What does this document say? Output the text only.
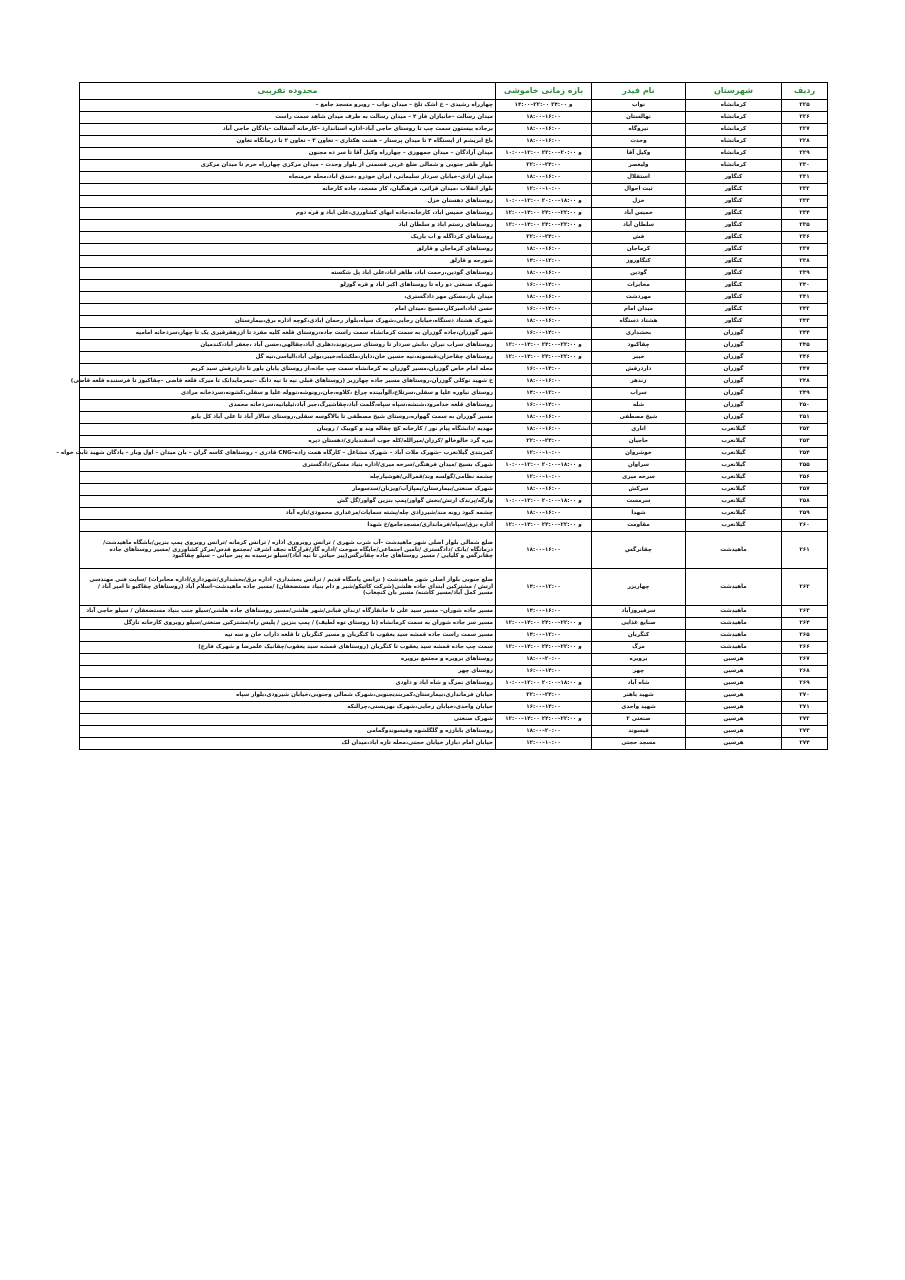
ردیف	شهرستان	نام فیدر	بازه زمانی خاموشی	محدوده تقریبی
۲۲۵	کرمانشاه	نواب	۱۴:۰۰–۲۲:۰۰ و ۲۴:۰۰	چهارراه رشیدی – خ اشک تلخ – میدان نواب – روبرو مسجد جامع –
۲۲۶	کرمانشاه	نهالستان	۱۸:۰۰–۱۶:۰۰	میدان رسالت –خانبازان فاز ۴ – میدان رسالت به طرف میدان شاهد سمت راست
۲۲۷	کرمانشاه	نیروگاه	۱۸:۰۰–۱۶:۰۰	برجاده بیستون سمت چپ تا روستای حاجی آباد–اداره استاندارد –کارخانه آسفالت –یادگان حاجی آباد
۲۲۸	کرمانشاه	وحدت	۱۸:۰۰–۱۶:۰۰	باغ ابریشم از ایستگاه ۴ تا میدان پرستار – هشت هکتاری – تعاون ۳ – تعاون ۲ تا درمانگاه تعاون
۲۲۹	کرمانشاه	وکیل آقا	۱۰:۰۰–۱۲:۰۰ و ۲۰:۰۰–۲۲:۰۰	میدان آزادگان – میدان جمهوری – چهارراه وکیل آقا تا سر ده مجنون
۲۳۰	کرمانشاه	ولیعصر	۲۲:۰۰–۲۴:۰۰	بلوار ظفر جنوبی و شمالی ضلع غربی قسمتی از بلوار وحدت – میدان مرکزی چهارراه خرم تا میدان مرکزی
۲۳۱	کنگاور	استقلال	۱۸:۰۰–۱۶:۰۰	میدان ازادی–خیابان سردار سلیمانی، ایران خودرو ،خندق اباد،محله خرمنجاه
۲۳۲	کنگاور	ثبت احوال	۱۲:۰۰–۱۰:۰۰	بلوار انقلاب ،میدان قرائی، فرهنگیان، کاز مسجد، جاده کارخانه
۲۳۳	کنگاور	خزل	۱۰:۰۰–۱۲:۰۰ و ۱۸:۰۰–۲۰:۰۰	روستاهای دهستان خزل
۲۳۴	کنگاور	خمیس آباد	۱۲:۰۰–۱۴:۰۰ و ۲۲:۰۰–۲۴:۰۰	روستاهای خمیس اباد، کارخانه،جاده ابهای کشاورزی،علی اباد و قره دوم
۲۳۵	کنگاور	سلطان آباد	۱۲:۰۰–۱۴:۰۰ و ۲۲:۰۰–۲۴:۰۰	روستاهای رستم اباد و سلطان اباد
۲۳۶	کنگاور	فش	۲۲:۰۰–۲۴:۰۰	روستاهای کرداگله و اب باریک
۲۳۷	کنگاور	کرماجان	۱۸:۰۰–۱۶:۰۰	روستاهای کرماجان و قارلق
۲۳۸	کنگاور	کنگاوروز	۱۴:۰۰–۱۲:۰۰	شورجه و قارلق
۲۳۹	کنگاور	گودین	۱۸:۰۰–۱۶:۰۰	روستاهای گودین،رحمت اباد، طاهر اباد،علی اباد پل شکسته
۲۴۰	کنگاور	مخابرات	۱۶:۰۰–۱۴:۰۰	شهرک صنعتی دو راه تا روستاهای اکبر اباد و قره گوزلو
۲۴۱	کنگاور	مهردشت	۱۸:۰۰–۱۶:۰۰	میدان بار،مسکن مهر دادگستری،
۲۴۲	کنگاور	میدان امام	۱۶:۰۰–۱۴:۰۰	حسن اباد،امیرکار،مسیح ،میدان امام
۲۴۳	کنگاور	هشتاد دستگاه	۱۸:۰۰–۱۶:۰۰	شهرک هشتاد دستگاه،خیابان رجایی،شهرک سپاه،بلوار رحمان ابادی،کوچه اداره برق،بیمارستان
۲۴۴	گوزران	بخشداری	۱۶:۰۰–۱۴:۰۰	شهر گوزران،جاده گوزران به سمت کرمانشاه سمت راست جاده،روستای قلعه کلیه مفرد تا ازرهقرقیری یک تا چهار،سردخانه امامیه
۲۴۵	گوزران	چقاکبود	۱۲:۰۰–۱۴:۰۰ و ۲۲:۰۰–۲۴:۰۰	روستاهای سراب نیران ،بانش سردار تا روستای سرپرتوند،دهلری آباد،چقالهی،حسن آباد ،جعفر آباد،کندمیان
۲۴۶	گوزران	خیبر	۱۲:۰۰–۱۴:۰۰ و ۲۲:۰۰–۲۴:۰۰	روستاهای چقاخزان،قبسونه،نیه حسین خان،دایاز،ملکشاه،خیبر،بولی آباد،الیاسی،نیه گل
۲۴۷	گوزران	داردرفش	۱۶:۰۰–۱۴:۰۰	محله امام خاص گوزران،مسیر گوزران به کرمانشاه سمت چپ جاده،از روستای یابان باور تا داردرفش سید کریم
۲۴۸	گوزران	زندهر	۱۸:۰۰–۱۶:۰۰	خ شهید نوکلی گوزران،روستاهای مسیر جاده چهارزبر (روستاهای قبلی نیه تا نیه دانگ –نیمرمایدانک تا میرک قلعه قاضی –چقاکبوز تا فرستنده قلعه قاضی)
۲۴۹	گوزران	سراب	۱۴:۰۰–۱۲:۰۰	روستای نیاوره علیا و سفلی،سرتلاخ،الوآیینده چراغ ،کلاوه،جان،رونوشه،نووله علیا و سفلی،کشونه،سردخانه مرادی
۲۵۰	گوزران	شله	۱۶:۰۰–۱۴:۰۰	روستاهای قلعه خدامرود،شنشه،سپاه سپاه،گلمت آباد،چقاشیرگ،جبر آباد،ئیلیانیه،سردخانه محمدی
۲۵۱	گوزران	شیخ مصطفی	۱۸:۰۰–۱۶:۰۰	مسیر گوزران به سمت گهواره،روستای شیخ مصطفی تا بالاگوسه سفلی،روستای سالار آباد تا علی آباد کل بانو
۲۵۲	گیلانغرب	اتاری	۱۸:۰۰–۱۶:۰۰	مهدیه /دانشگاه پیام نور / کارخانه کچ چقاله وند و کوبیک / رویبان
۲۵۳	گیلانغرب	حاجیان	۲۲:۰۰–۲۴:۰۰	بیره گرد خالوخالو /کرزان/میرالله/کله جوب اسفندیاری/دهستان دیره
۲۵۴	گیلانغرب	خوشروان	۱۲:۰۰–۱۰:۰۰	کمربندی گیلانغرب –شهرک ملات آباد – شهرک مشاغل – کارگاه همت زاده–CNG قادری – روستاهای کاسه گران – بان میدان – اول وبار – یادگان شهید ثابت خواه –
۲۵۵	گیلانغرب	سراوان	۱۰:۰۰–۱۲:۰۰ و ۱۸:۰۰–۲۰:۰۰	شهرک بسیج /میدان فرهنگی/سرخه میری/اداره بنیاد مسکن/دادگستری
۲۵۶	گیلانغرب	سرخه میری	۱۲:۰۰–۱۰:۰۰	چشمه نظامی/گولسه وند/قمرالی/هوشیارچله
۲۵۷	گیلانغرب	سرکش	۱۸:۰۰–۱۶:۰۰	شهرک صنعتی/بیمارستان/پمپاژآب/ویزنان/سدسومار
۲۵۸	گیلانغرب	سرمست	۱۰:۰۰–۱۲:۰۰ و ۱۸:۰۰–۲۰:۰۰	وارگه/پرندک ارتش/بخش گواور/پمپ بنزین گواور/گل گش
۲۵۹	گیلانغرب	شهدا	۱۸:۰۰–۱۶:۰۰	چشمه کبود رونه مند/شیرزادی چله/پشته سمایات/مرغداری محمودی/تازه آباد
۲۶۰	گیلانغرب	مقاومت	۱۲:۰۰–۱۴:۰۰ و ۲۲:۰۰–۲۴:۰۰	اداره برق/سپاه/فرمانداری/مسجدجامع/خ شهدا
۲۶۱	ماهیدشت	چقانرگس	۱۸:۰۰–۱۶:۰۰	ضلع شمالی بلوار اصلی شهر ماهیدشت –آب شرب شهری / ترانس روبروری اداره / ترانس کرمانه /ترانس روبروی پمپ بنزین/باشگاه ماهیدشت/ درمانگاه /بانک /دادگستری /تامین اجتماعی/جایگاه سوخت /اداره گاز/قرارگاه نجف اشرف /مجتمع قدس/مرکز کشاورزی /مسیر روستاهای جاده چقانرگس و کلیایی / مسیر روستاهای جاده چقانرگس(پیر حیاتی تا نیه آباد)/سیلو نرسیده به پیر حیاتی – سیلو چقاکبود
۲۶۲	ماهیدشت	چهاربزر	۱۴:۰۰–۱۲:۰۰	ضلع جنوبی بلوار اصلی شهر ماهیدشت ( ترانس پاسگاه قدیم / ترانس بخشداری– اداره برق/بخشداری/شهرداری/اداره مخابرات) /سایت فنی مهندسی ارتش / مشترکین ابتدای جاده هلشی(شرکت کاتیکو/شیر و دام بنیاد مستضعفان) /مسیر جاده ماهیدشت–اسلام آباد (روستاهای چقاکبو تا امیر آباد / مسیر کمل آباد/مسیر کاشنه/ مسیر بان کنچغاب)
۲۶۳	ماهیدشت	سرفیروزآباد	۱۴:۰۰–۱۶:۰۰	مسیر جاده شوران– مسیر سید علی تا جانقارگاه /زندان قبانی/شهر هلشی/مسیر روستاهای جاده هلشی/سیلو جنب بنیاد مستضعفان / سیلو حاجی آباد
۲۶۴	ماهیدشت	صنایع غذایی	۱۲:۰۰–۱۴:۰۰ و ۲۲:۰۰–۲۴:۰۰	مسیر سر جاده شوران به سمت کرمانشاه (تا روستای توه لطیف) / پمپ بنزین / پلیس راه/مشترکین صنعتی/سیلو روبروی کارخانه نازگل
۲۶۵	ماهیدشت	کنگربان	۱۴:۰۰–۱۲:۰۰	مسیر سمت راست جاده قمشه سید یعقوب تا کنگربان و مسیر کنگربان تا قلعه داراب خان و سه تپه
۲۶۶	ماهیدشت	مرگ	۱۲:۰۰–۱۴:۰۰ و ۲۲:۰۰–۲۴:۰۰	سمت چپ جاده قمشه سید یعقوب تا کنگربان (روستاهای قمشه سید یعقوب/چقانیک علمرضا و شهرک فارج)
۲۶۷	هرسین	بروبره	۱۸:۰۰–۲۰:۰۰	روستاهای برویره و مجتمع برویره
۲۶۸	هرسین	چهر	۱۶:۰۰–۱۴:۰۰	روستای چهر
۲۶۹	هرسین	شاه آباد	۱۰:۰۰–۱۲:۰۰ و ۱۸:۰۰–۲۰:۰۰	روستاهای نمرگ و شاه اباد و داودی
۲۷۰	هرسین	شهید باهنر	۲۲:۰۰–۲۴:۰۰	خیابان فرمانداری،بیمارستان،کمربندیجنوبی،شهرک شمالی وجنوبی،خیابان شیرودی،بلوار سپاه
۲۷۱	هرسین	شهید واحدی	۱۶:۰۰–۱۴:۰۰	خیابان واحدی،خیابان رجایی،شهرک بهزیستی،چرالنکه
۲۷۲	هرسین	صنعتی ۲	۱۲:۰۰–۱۴:۰۰ و ۲۲:۰۰–۲۴:۰۰	شهرک صنعتی
۲۷۳	هرسین	قیسوند	۱۸:۰۰–۲۰:۰۰	روستاهای باباززه و گلگلشوه وقیسوندوگمامی
۲۷۴	هرسین	مسجد حجتی	۱۲:۰۰–۱۰:۰۰	خیابان امام ،بازار خیابان حجتی،محله تازه اباد،میدان لک
